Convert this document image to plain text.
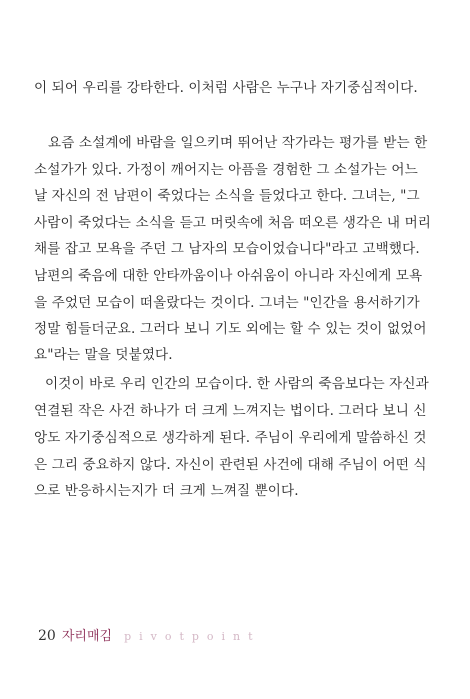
이 되어 우리를 강타한다. 이처럼 사람은 누구나 자기중심적이다.
요즘 소설계에 바람을 일으키며 뛰어난 작가라는 평가를 받는 한
소설가가 있다. 가정이 깨어지는 아픔을 경험한 그 소설가는 어느
날 자신의 전 남편이 죽었다는 소식을 들었다고 한다. 그녀는, "그
사람이 죽었다는 소식을 듣고 머릿속에 처음 떠오른 생각은 내 머리
채를 잡고 모욕을 주던 그 남자의 모습이었습니다"라고 고백했다.
남편의 죽음에 대한 안타까움이나 아쉬움이 아니라 자신에게 모욕
을 주었던 모습이 떠올랐다는 것이다. 그녀는 "인간을 용서하기가
정말 힘들더군요. 그러다 보니 기도 외에는 할 수 있는 것이 없었어
요"라는 말을 덧붙였다.
이것이 바로 우리 인간의 모습이다. 한 사람의 죽음보다는 자신과
연결된 작은 사건 하나가 더 크게 느껴지는 법이다. 그러다 보니 신
앙도 자기중심적으로 생각하게 된다. 주님이 우리에게 말씀하신 것
은 그리 중요하지 않다. 자신이 관련된 사건에 대해 주님이 어떤 식
으로 반응하시는지가 더 크게 느껴질 뿐이다.
20 자리매김 pivotpoint
